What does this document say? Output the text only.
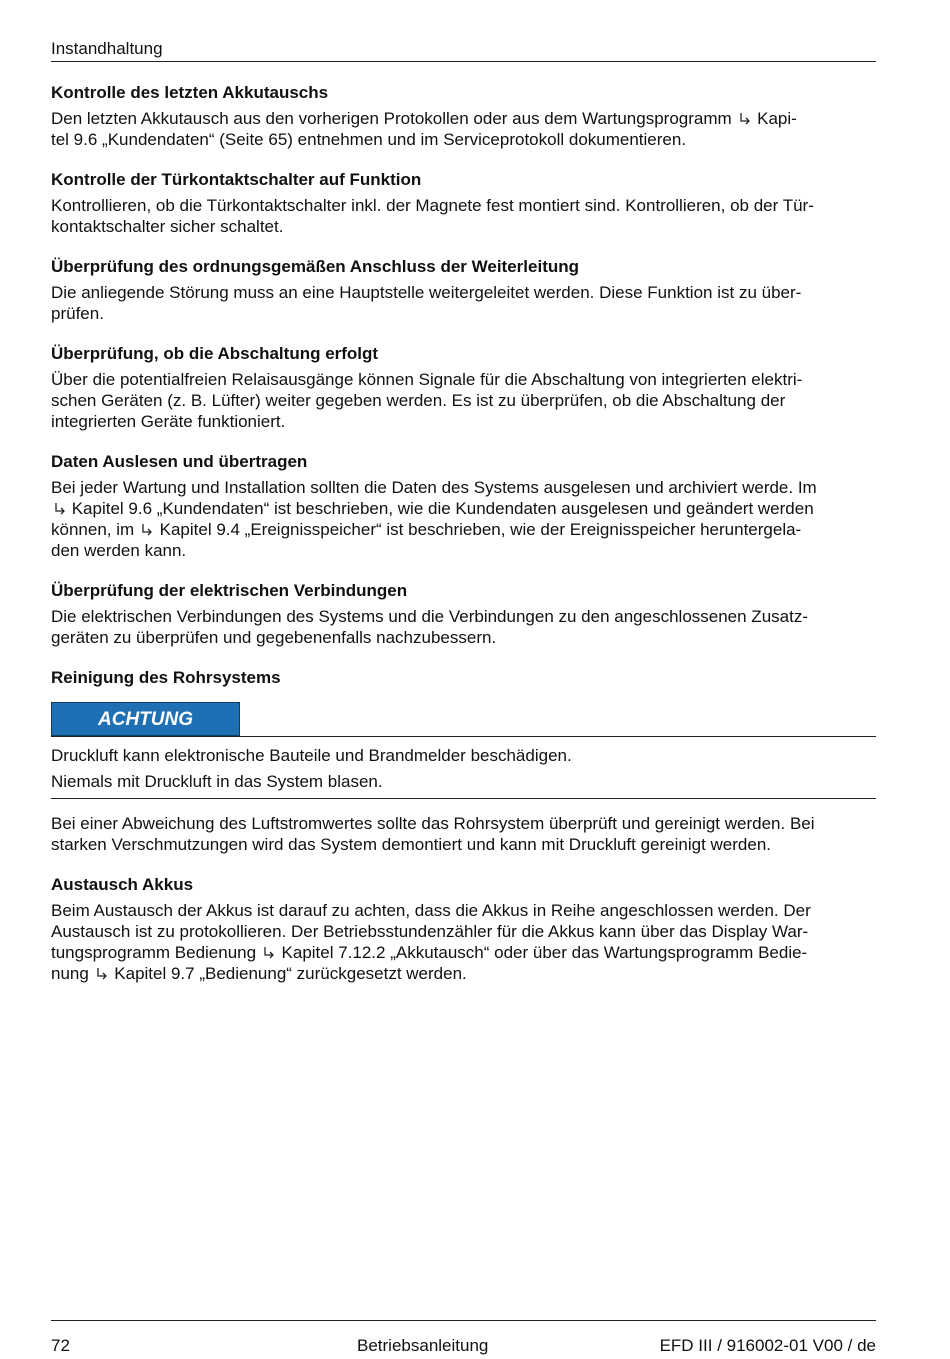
Instandhaltung
Kontrolle des letzten Akkutauschs

Den letzten Akkutausch aus den vorherigen Protokollen oder aus dem Wartungsprogramm  Kapi-
tel 9.6 „Kundendaten“ (Seite 65) entnehmen und im Serviceprotokoll dokumentieren.

Kontrolle der Türkontaktschalter auf Funktion

Kontrollieren, ob die Türkontaktschalter inkl. der Magnete fest montiert sind. Kontrollieren, ob der Tür-
kontaktschalter sicher schaltet.

Überprüfung des ordnungsgemäßen Anschluss der Weiterleitung

Die anliegende Störung muss an eine Hauptstelle weitergeleitet werden. Diese Funktion ist zu über-
prüfen.

Überprüfung, ob die Abschaltung erfolgt

Über die potentialfreien Relaisausgänge können Signale für die Abschaltung von integrierten elektri-
schen Geräten (z. B. Lüfter) weiter gegeben werden. Es ist zu überprüfen, ob die Abschaltung der
integrierten Geräte funktioniert.

Daten Auslesen und übertragen

Bei jeder Wartung und Installation sollten die Daten des Systems ausgelesen und archiviert werde. Im
Kapitel 9.6 „Kundendaten“ ist beschrieben, wie die Kundendaten ausgelesen und geändert werden
können, im  Kapitel 9.4 „Ereignisspeicher“ ist beschrieben, wie der Ereignisspeicher heruntergela-
den werden kann.

Überprüfung der elektrischen Verbindungen

Die elektrischen Verbindungen des Systems und die Verbindungen zu den angeschlossenen Zusatz-
geräten zu überprüfen und gegebenenfalls nachzubessern.

Reinigung des Rohrsystems
ACHTUNG

Druckluft kann elektronische Bauteile und Brandmelder beschädigen.

Niemals mit Druckluft in das System blasen.

Bei einer Abweichung des Luftstromwertes sollte das Rohrsystem überprüft und gereinigt werden. Bei
starken Verschmutzungen wird das System demontiert und kann mit Druckluft gereinigt werden.

Austausch Akkus

Beim Austausch der Akkus ist darauf zu achten, dass die Akkus in Reihe angeschlossen werden. Der
Austausch ist zu protokollieren. Der Betriebsstundenzähler für die Akkus kann über das Display War-
tungsprogramm Bedienung  Kapitel 7.12.2 „Akkutausch“ oder über das Wartungsprogramm Bedie-
nung  Kapitel 9.7 „Bedienung“ zurückgesetzt werden.

72	Betriebsanleitung	EFD III / 916002-01 V00 / de
